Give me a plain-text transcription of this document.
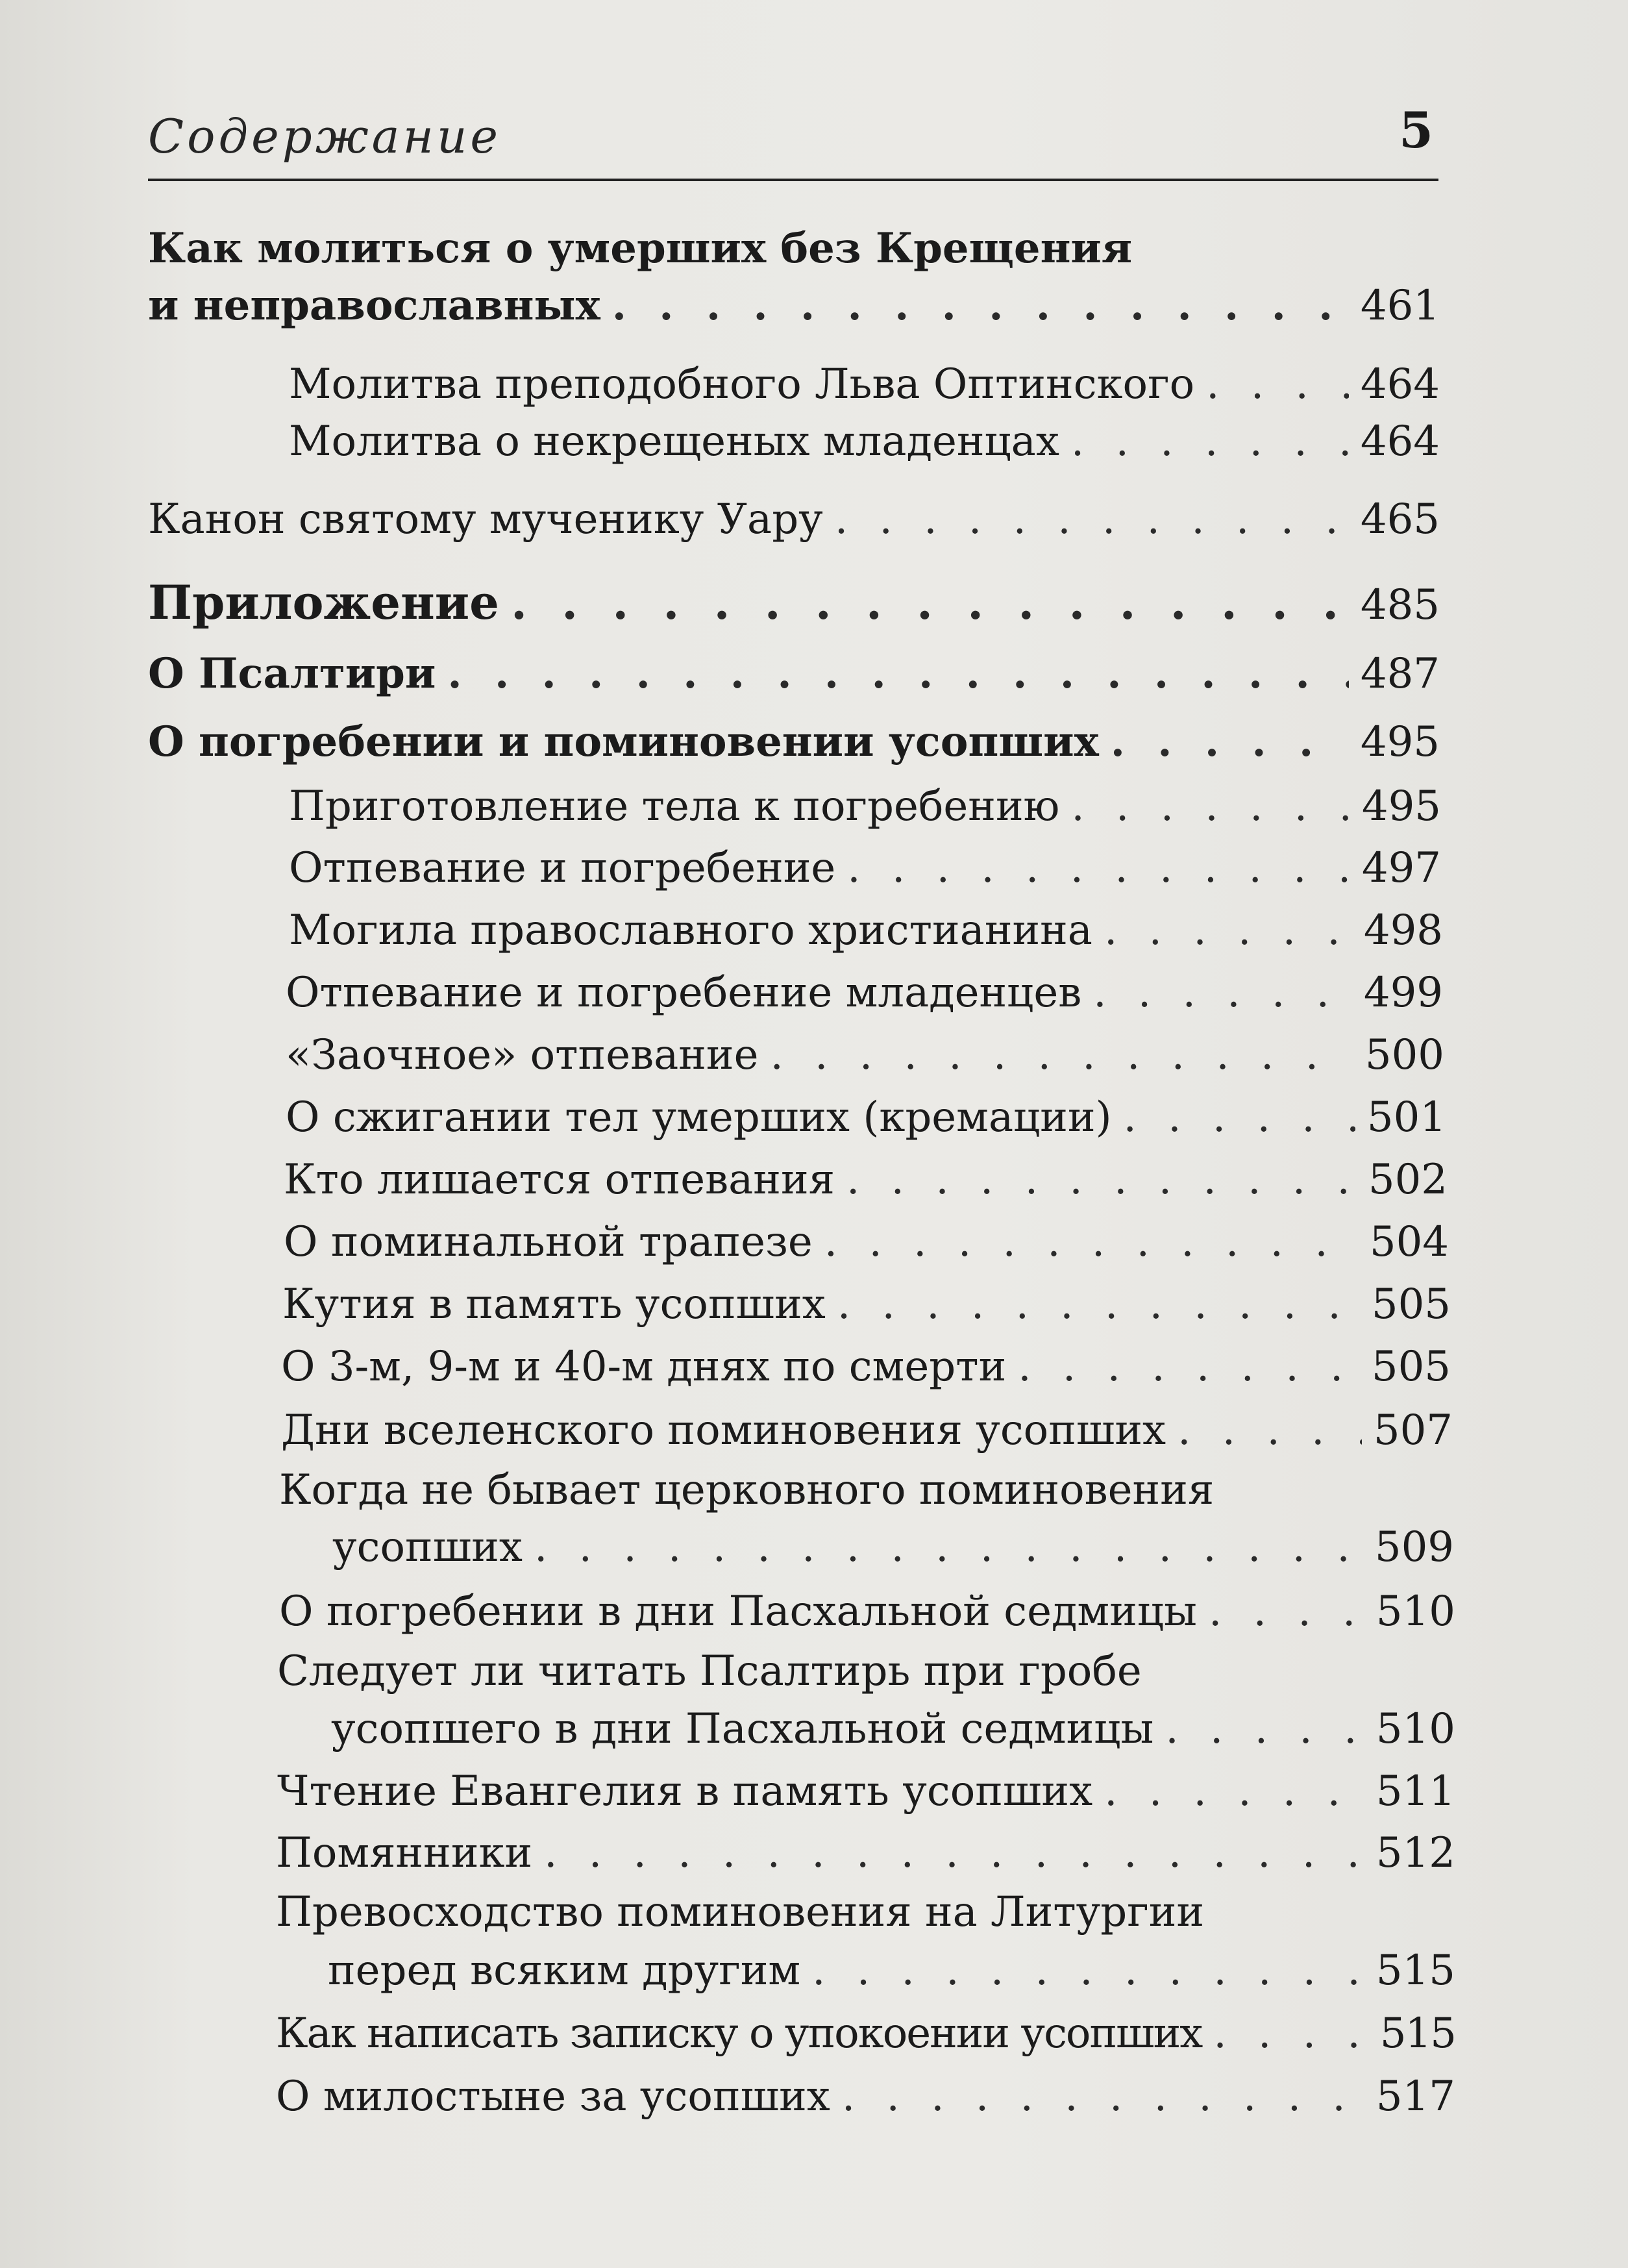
Содержание	5
Как молиться о умерших без Крещения
и неправославных . . .	461
Молитва преподобного Льва Оптинского . . .	464
Молитва о некрещеных младенцах . . .	464
Канон святому мученику Уару . . .	465
Приложение . . .	485
О Псалтири . . .	487
О погребении и поминовении усопших . . .	495
Приготовление тела к погребению . . .	495
Отпевание и погребение . . .	497
Могила православного христианина . . .	498
Отпевание и погребение младенцев . . .	499
«Заочное» отпевание . . .	500
О сжигании тел умерших (кремации) . . .	501
Кто лишается отпевания . . .	502
О поминальной трапезе . . .	504
Кутия в память усопших . . .	505
О 3-м, 9-м и 40-м днях по смерти . . .	505
Дни вселенского поминовения усопших . . .	507
Когда не бывает церковного поминовения
усопших . . .	509
О погребении в дни Пасхальной седмицы . . .	510
Следует ли читать Псалтирь при гробе
усопшего в дни Пасхальной седмицы . . .	510
Чтение Евангелия в память усопших . . .	511
Помянники . . .	512
Превосходство поминовения на Литургии
перед всяким другим . . .	515
Как написать записку о упокоении усопших . . .	515
О милостыне за усопших . . .	517
